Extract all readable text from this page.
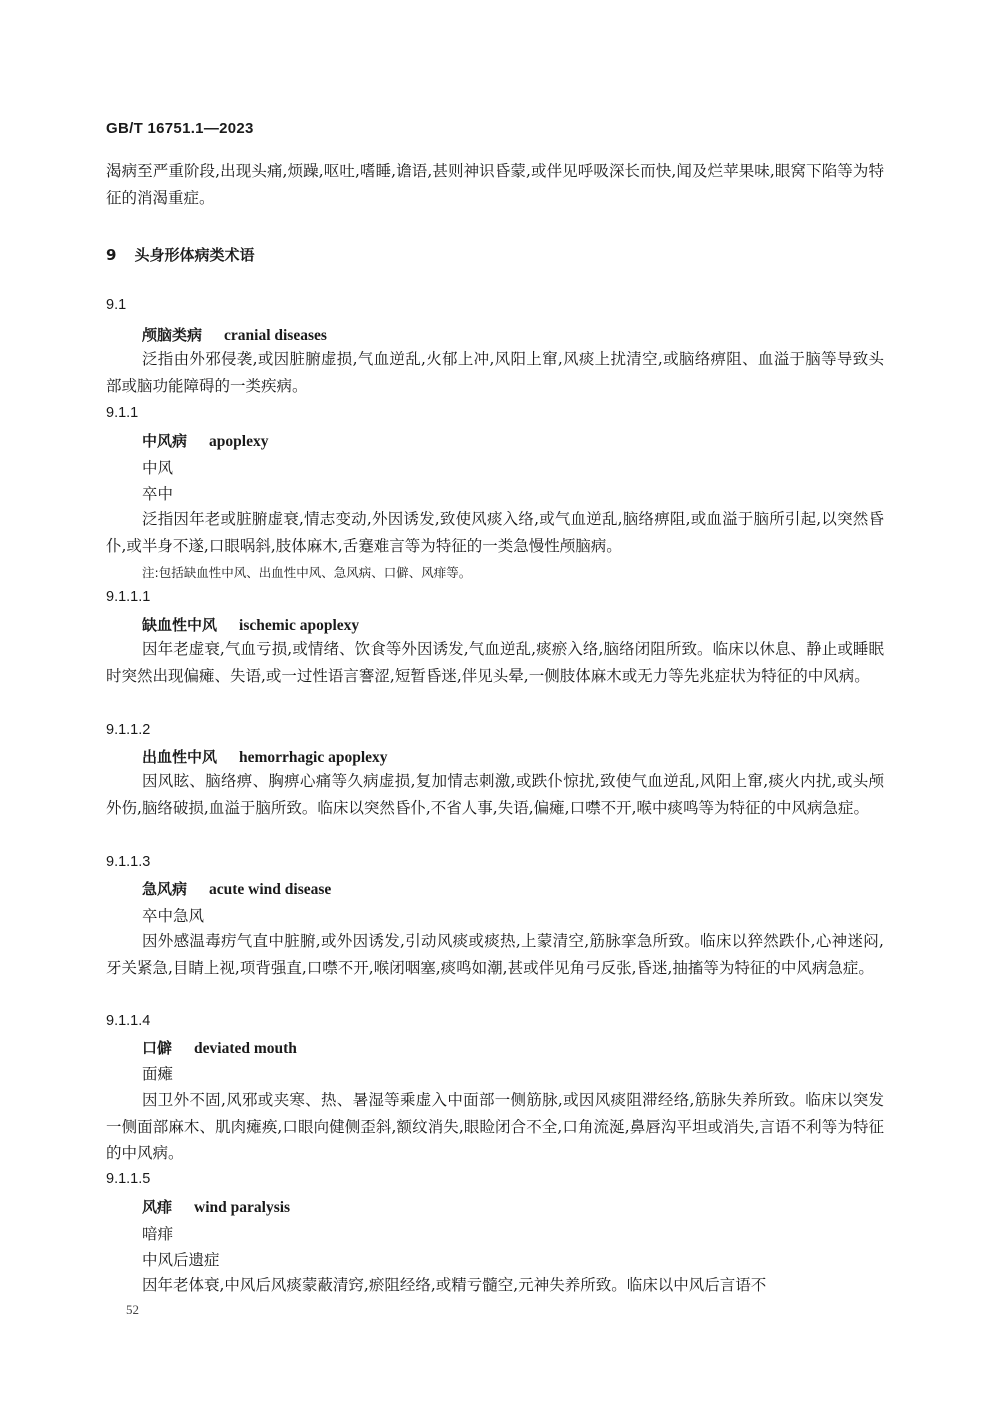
GB/T 16751.1—2023
渴病至严重阶段,出现头痛,烦躁,呕吐,嗜睡,谵语,甚则神识昏蒙,或伴见呼吸深长而快,闻及烂苹果味,眼窝下陷等为特征的消渴重症。
9 头身形体病类术语
9.1
颅脑类病 cranial diseases
泛指由外邪侵袭,或因脏腑虚损,气血逆乱,火郁上冲,风阳上窜,风痰上扰清空,或脑络痹阻、血溢于脑等导致头部或脑功能障碍的一类疾病。
9.1.1
中风病 apoplexy
中风
卒中
泛指因年老或脏腑虚衰,情志变动,外因诱发,致使风痰入络,或气血逆乱,脑络痹阻,或血溢于脑所引起,以突然昏仆,或半身不遂,口眼㖞斜,肢体麻木,舌蹇难言等为特征的一类急慢性颅脑病。
注:包括缺血性中风、出血性中风、急风病、口僻、风痱等。
9.1.1.1
缺血性中风 ischemic apoplexy
因年老虚衰,气血亏损,或情绪、饮食等外因诱发,气血逆乱,痰瘀入络,脑络闭阻所致。临床以休息、静止或睡眠时突然出现偏瘫、失语,或一过性语言謇涩,短暂昏迷,伴见头晕,一侧肢体麻木或无力等先兆症状为特征的中风病。
9.1.1.2
出血性中风 hemorrhagic apoplexy
因风眩、脑络痹、胸痹心痛等久病虚损,复加情志刺激,或跌仆惊扰,致使气血逆乱,风阳上窜,痰火内扰,或头颅外伤,脑络破损,血溢于脑所致。临床以突然昏仆,不省人事,失语,偏瘫,口噤不开,喉中痰鸣等为特征的中风病急症。
9.1.1.3
急风病 acute wind disease
卒中急风
因外感温毒疠气直中脏腑,或外因诱发,引动风痰或痰热,上蒙清空,筋脉挛急所致。临床以猝然跌仆,心神迷闷,牙关紧急,目睛上视,项背强直,口噤不开,喉闭咽塞,痰鸣如潮,甚或伴见角弓反张,昏迷,抽搐等为特征的中风病急症。
9.1.1.4
口僻 deviated mouth
面瘫
因卫外不固,风邪或夹寒、热、暑湿等乘虚入中面部一侧筋脉,或因风痰阻滞经络,筋脉失养所致。临床以突发一侧面部麻木、肌肉瘫痪,口眼向健侧歪斜,额纹消失,眼睑闭合不全,口角流涎,鼻唇沟平坦或消失,言语不利等为特征的中风病。
9.1.1.5
风痱 wind paralysis
喑痱
中风后遗症
因年老体衰,中风后风痰蒙蔽清窍,瘀阻经络,或精亏髓空,元神失养所致。临床以中风后言语不
52
